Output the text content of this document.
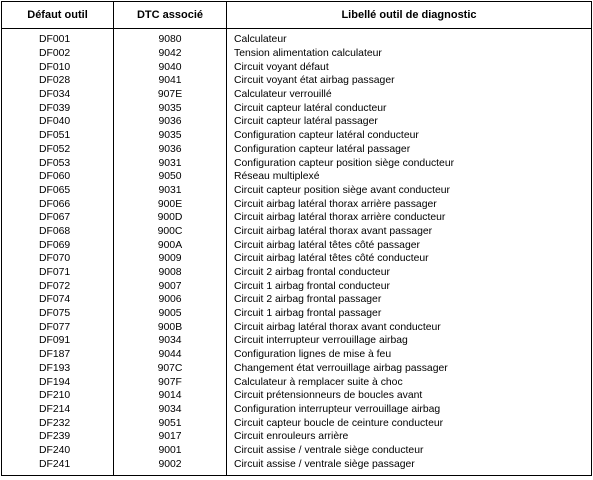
Défaut outil	DTC associé	Libellé outil de diagnostic
DF001	9080	Calculateur
DF002	9042	Tension alimentation calculateur
DF010	9040	Circuit voyant défaut
DF028	9041	Circuit voyant état airbag passager
DF034	907E	Calculateur verrouillé
DF039	9035	Circuit capteur latéral conducteur
DF040	9036	Circuit capteur latéral passager
DF051	9035	Configuration capteur latéral conducteur
DF052	9036	Configuration capteur latéral passager
DF053	9031	Configuration capteur position siège conducteur
DF060	9050	Réseau multiplexé
DF065	9031	Circuit capteur position siège avant conducteur
DF066	900E	Circuit airbag latéral thorax arrière passager
DF067	900D	Circuit airbag latéral thorax arrière conducteur
DF068	900C	Circuit airbag latéral thorax avant passager
DF069	900A	Circuit airbag latéral têtes côté passager
DF070	9009	Circuit airbag latéral têtes côté conducteur
DF071	9008	Circuit 2 airbag frontal conducteur
DF072	9007	Circuit 1 airbag frontal conducteur
DF074	9006	Circuit 2 airbag frontal passager
DF075	9005	Circuit 1 airbag frontal passager
DF077	900B	Circuit airbag latéral thorax avant conducteur
DF091	9034	Circuit interrupteur verrouillage airbag
DF187	9044	Configuration lignes de mise à feu
DF193	907C	Changement état verrouillage airbag passager
DF194	907F	Calculateur à remplacer suite à choc
DF210	9014	Circuit prétensionneurs de boucles avant
DF214	9034	Configuration interrupteur verrouillage airbag
DF232	9051	Circuit capteur boucle de ceinture conducteur
DF239	9017	Circuit enrouleurs arrière
DF240	9001	Circuit assise / ventrale siège conducteur
DF241	9002	Circuit assise / ventrale siège passager
